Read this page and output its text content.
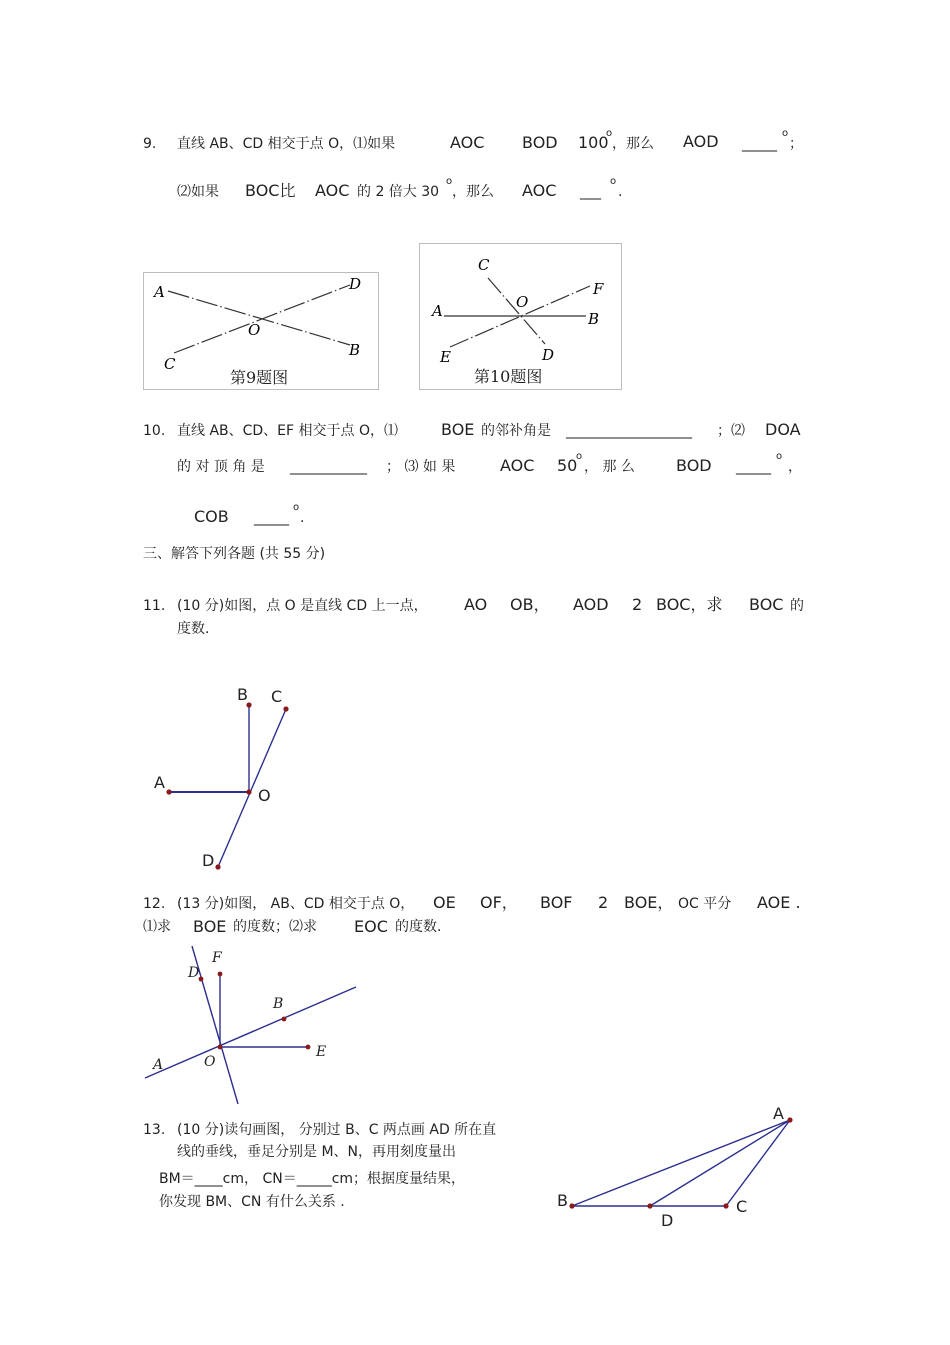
9. 直线 AB、CD 相交于点 O，⑴如果	AOC BOD 100
o
，那么 AOD _____
o
；
⑵如果 BOC比 AOC 的 2 倍大 30
o
，那么 AOC ___
o
.
A
B
C
D
O
第9题图
C
F
O
A	B
E	D
第10题图
10. 直线 AB、CD、EF 相交于点 O，⑴	BOE 的邻补角是 __________________ ；⑵ DOA
的 对 顶 角 是 ___________ ； ⑶ 如 果	AOC 50
o
， 那 么	BOD _____
o
，
COB _____
o
.
三、解答下列各题 (共 55 分)
11. (10 分)如图，点 O 是直线 CD 上一点， AO OB， AOD 2 BOC，求 BOC 的
度数.
A
B C
D
O
12. (13 分)如图， AB、CD 相交于点 O， OE OF， BOF 2 BOE， OC 平分 AOE .
⑴求 BOE 的度数；⑵求 EOC 的度数.
D
F
B
E
A	O
13. (10 分)读句画图， 分别过 B、C 两点画 AD 所在直
线的垂线，垂足分别是 M、N，再用刻度量出
BM＝____cm， CN＝_____cm；根据度量结果，
你发现 BM、CN 有什么关系 .
A
B
D
C
